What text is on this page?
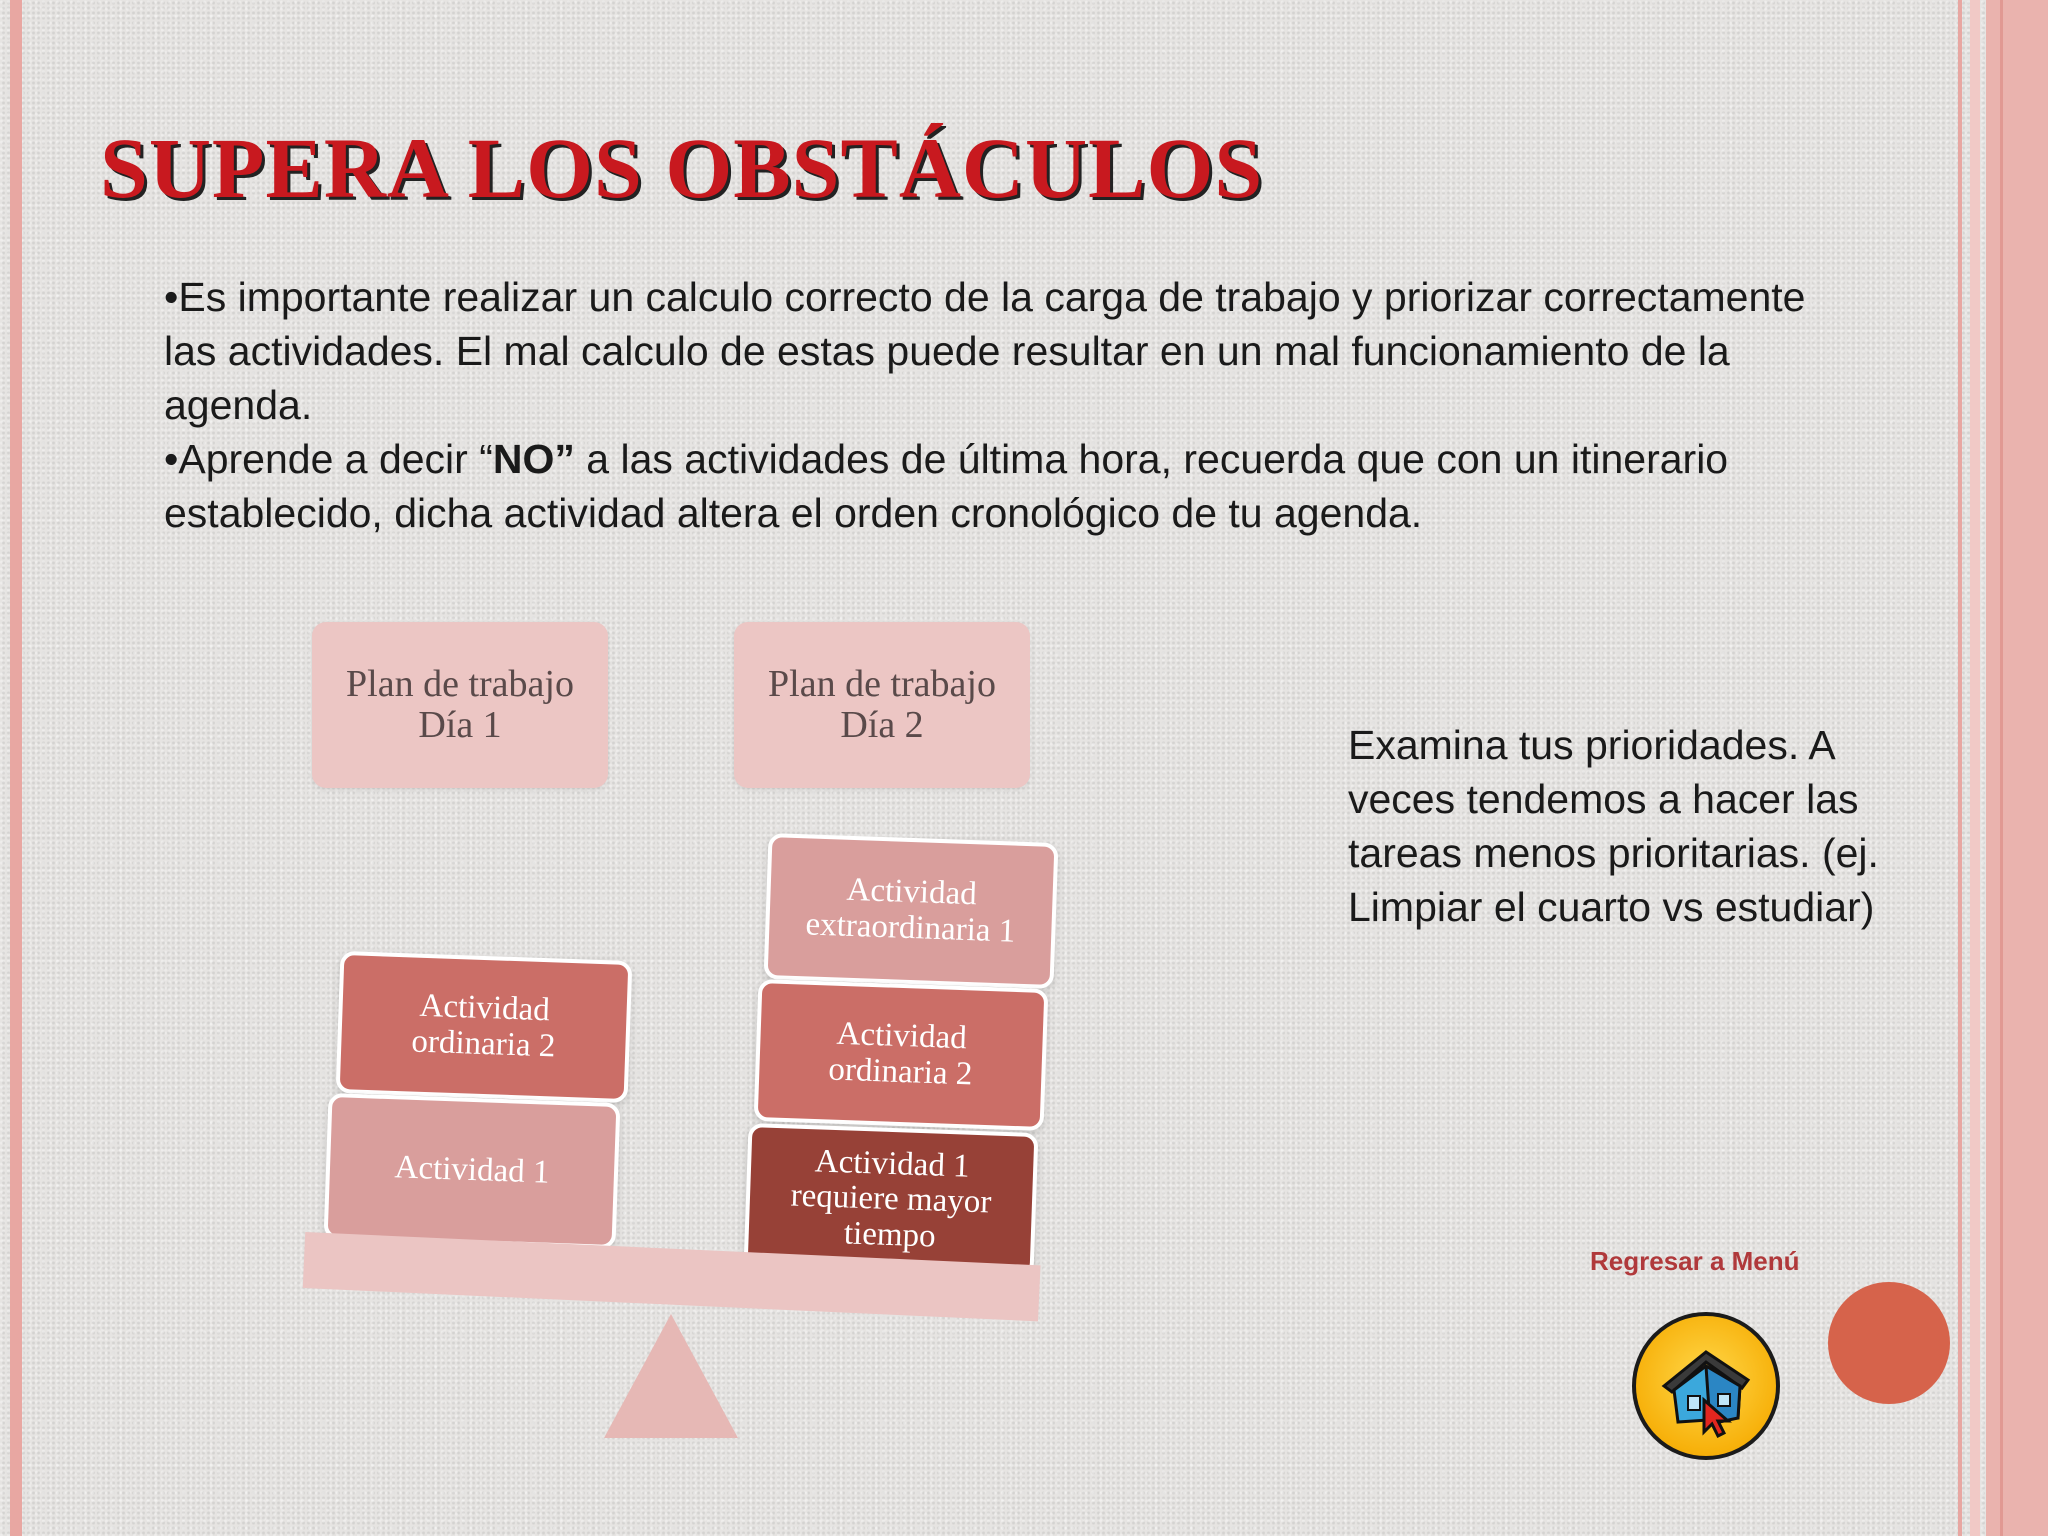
SUPERA LOS OBSTÁCULOS

•Es importante realizar un calculo correcto de la carga de trabajo y priorizar correctamente las actividades. El mal calculo de estas puede resultar en un mal funcionamiento de la agenda.

•Aprende a decir “NO” a las actividades de última hora, recuerda que con un itinerario establecido, dicha actividad altera el orden cronológico de tu agenda.

Plan de trabajo Día 1
Plan de trabajo Día 2
Actividad ordinaria 2
Actividad 1
Actividad extraordinaria 1
Actividad ordinaria 2
Actividad 1 requiere mayor tiempo
Examina tus prioridades. A veces tendemos a hacer las tareas menos prioritarias. (ej. Limpiar el cuarto vs estudiar)
Regresar a Menú
